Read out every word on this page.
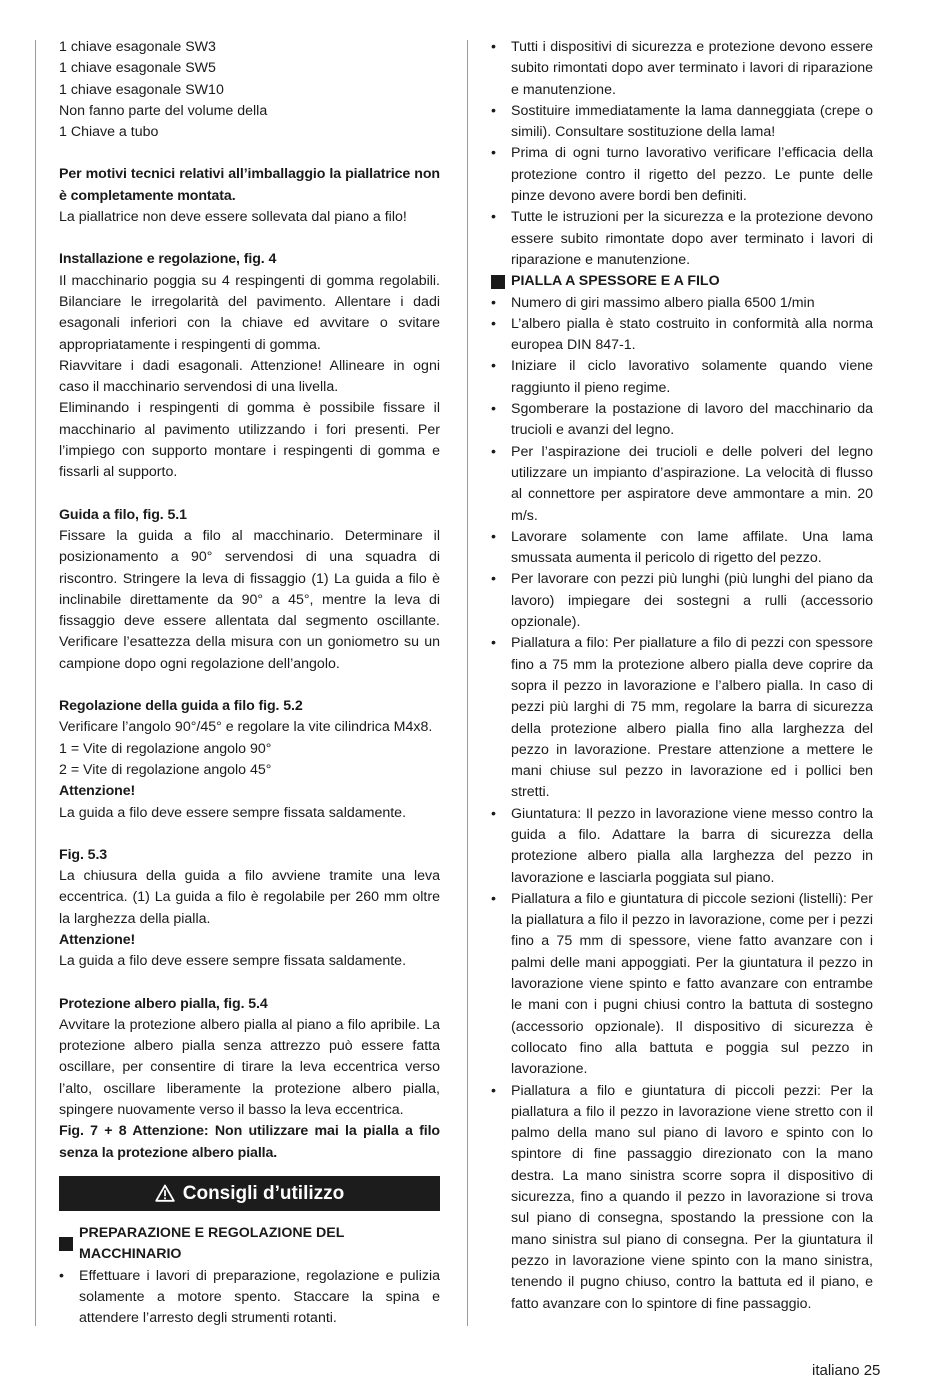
1 chiave esagonale SW3
1 chiave esagonale SW5
1 chiave esagonale SW10
Non fanno parte del volume della
1 Chiave a tubo

Per motivi tecnici relativi all’imballaggio la piallatrice non è completamente montata.

La piallatrice non deve essere sollevata dal piano a filo!

Installazione e regolazione, fig. 4

Il macchinario poggia su 4 respingenti di gomma regolabili. Bilanciare le irregolarità del pavimento. Allentare i dadi esagonali inferiori con la chiave ed avvitare o svitare appropriatamente i respingenti di gomma.

Riavvitare i dadi esagonali. Attenzione! Allineare in ogni caso il macchinario servendosi di una livella.

Eliminando i respingenti di gomma è possibile fissare il macchinario al pavimento utilizzando i fori presenti. Per l’impiego con supporto montare i respingenti di gomma e fissarli al supporto.

Guida a filo, fig. 5.1

Fissare la guida a filo al macchinario. Determinare il posizionamento a 90° servendosi di una squadra di riscontro. Stringere la leva di fissaggio (1) La guida a filo è inclinabile direttamente da 90° a 45°, mentre la leva di fissaggio deve essere allentata dal segmento oscillante. Verificare l’esattezza della misura con un goniometro su un campione dopo ogni regolazione dell’angolo.

Regolazione della guida a filo fig. 5.2

Verificare l’angolo 90°/45° e regolare la vite cilindrica M4x8.

1 = Vite di regolazione angolo 90°

2 = Vite di regolazione angolo 45°

Attenzione!

La guida a filo deve essere sempre fissata saldamente.

Fig. 5.3

La chiusura della guida a filo avviene tramite una leva eccentrica. (1) La guida a filo è regolabile per 260 mm oltre la larghezza della pialla.

Attenzione!

La guida a filo deve essere sempre fissata saldamente.

Protezione albero pialla, fig. 5.4

Avvitare la protezione albero pialla al piano a filo apribile. La protezione albero pialla senza attrezzo può essere fatta oscillare, per consentire di tirare la leva eccentrica verso l’alto, oscillare liberamente la protezione albero pialla, spingere nuovamente verso il basso la leva eccentrica.

Fig. 7 + 8 Attenzione: Non utilizzare mai la pialla a filo senza la protezione albero pialla.

Consigli d’utilizzo
PREPARAZIONE E REGOLAZIONE DEL MACCHINARIO
• Effettuare i lavori di preparazione, regolazione e pulizia solamente a motore spento. Staccare la spina e attendere l’arresto degli strumenti rotanti.
• Tutti i dispositivi di sicurezza e protezione devono essere subito rimontati dopo aver terminato i lavori di riparazione e manutenzione.
• Sostituire immediatamente la lama danneggiata (crepe o simili). Consultare sostituzione della lama!
• Prima di ogni turno lavorativo verificare l’efficacia della protezione contro il rigetto del pezzo. Le punte delle pinze devono avere bordi ben definiti.
• Tutte le istruzioni per la sicurezza e la protezione devono essere subito rimontate dopo aver terminato i lavori di riparazione e manutenzione.
PIALLA A SPESSORE E A FILO
• Numero di giri massimo albero pialla 6500 1/min
• L’albero pialla è stato costruito in conformità alla norma europea DIN 847-1.
• Iniziare il ciclo lavorativo solamente quando viene raggiunto il pieno regime.
• Sgomberare la postazione di lavoro del macchinario da trucioli e avanzi del legno.
• Per l’aspirazione dei trucioli e delle polveri del legno utilizzare un impianto d’aspirazione. La velocità di flusso al connettore per aspiratore deve ammontare a min. 20 m/s.
• Lavorare solamente con lame affilate. Una lama smussata aumenta il pericolo di rigetto del pezzo.
• Per lavorare con pezzi più lunghi (più lunghi del piano da lavoro) impiegare dei sostegni a rulli (accessorio opzionale).
• Piallatura a filo: Per piallature a filo di pezzi con spessore fino a 75 mm la protezione albero pialla deve coprire da sopra il pezzo in lavorazione e l’albero pialla. In caso di pezzi più larghi di 75 mm, regolare la barra di sicurezza della protezione albero pialla fino alla larghezza del pezzo in lavorazione. Prestare attenzione a mettere le mani chiuse sul pezzo in lavorazione ed i pollici ben stretti.
• Giuntatura: Il pezzo in lavorazione viene messo contro la guida a filo. Adattare la barra di sicurezza della protezione albero pialla alla larghezza del pezzo in lavorazione e lasciarla poggiata sul piano.
• Piallatura a filo e giuntatura di piccole sezioni (listelli): Per la piallatura a filo il pezzo in lavorazione, come per i pezzi fino a 75 mm di spessore, viene fatto avanzare con i palmi delle mani appoggiati. Per la giuntatura il pezzo in lavorazione viene spinto e fatto avanzare con entrambe le mani con i pugni chiusi contro la battuta di sostegno (accessorio opzionale). Il dispositivo di sicurezza è collocato fino alla battuta e poggia sul pezzo in lavorazione.
• Piallatura a filo e giuntatura di piccoli pezzi: Per la piallatura a filo il pezzo in lavorazione viene stretto con il palmo della mano sul piano di lavoro e spinto con lo spintore di fine passaggio direzionato con la mano destra. La mano sinistra scorre sopra il dispositivo di sicurezza, fino a quando il pezzo in lavorazione si trova sul piano di consegna, spostando la pressione con la mano sinistra sul piano di consegna. Per la giuntatura il pezzo in lavorazione viene spinto con la mano sinistra, tenendo il pugno chiuso, contro la battuta ed il piano, e fatto avanzare con lo spintore di fine passaggio.
italiano 25
